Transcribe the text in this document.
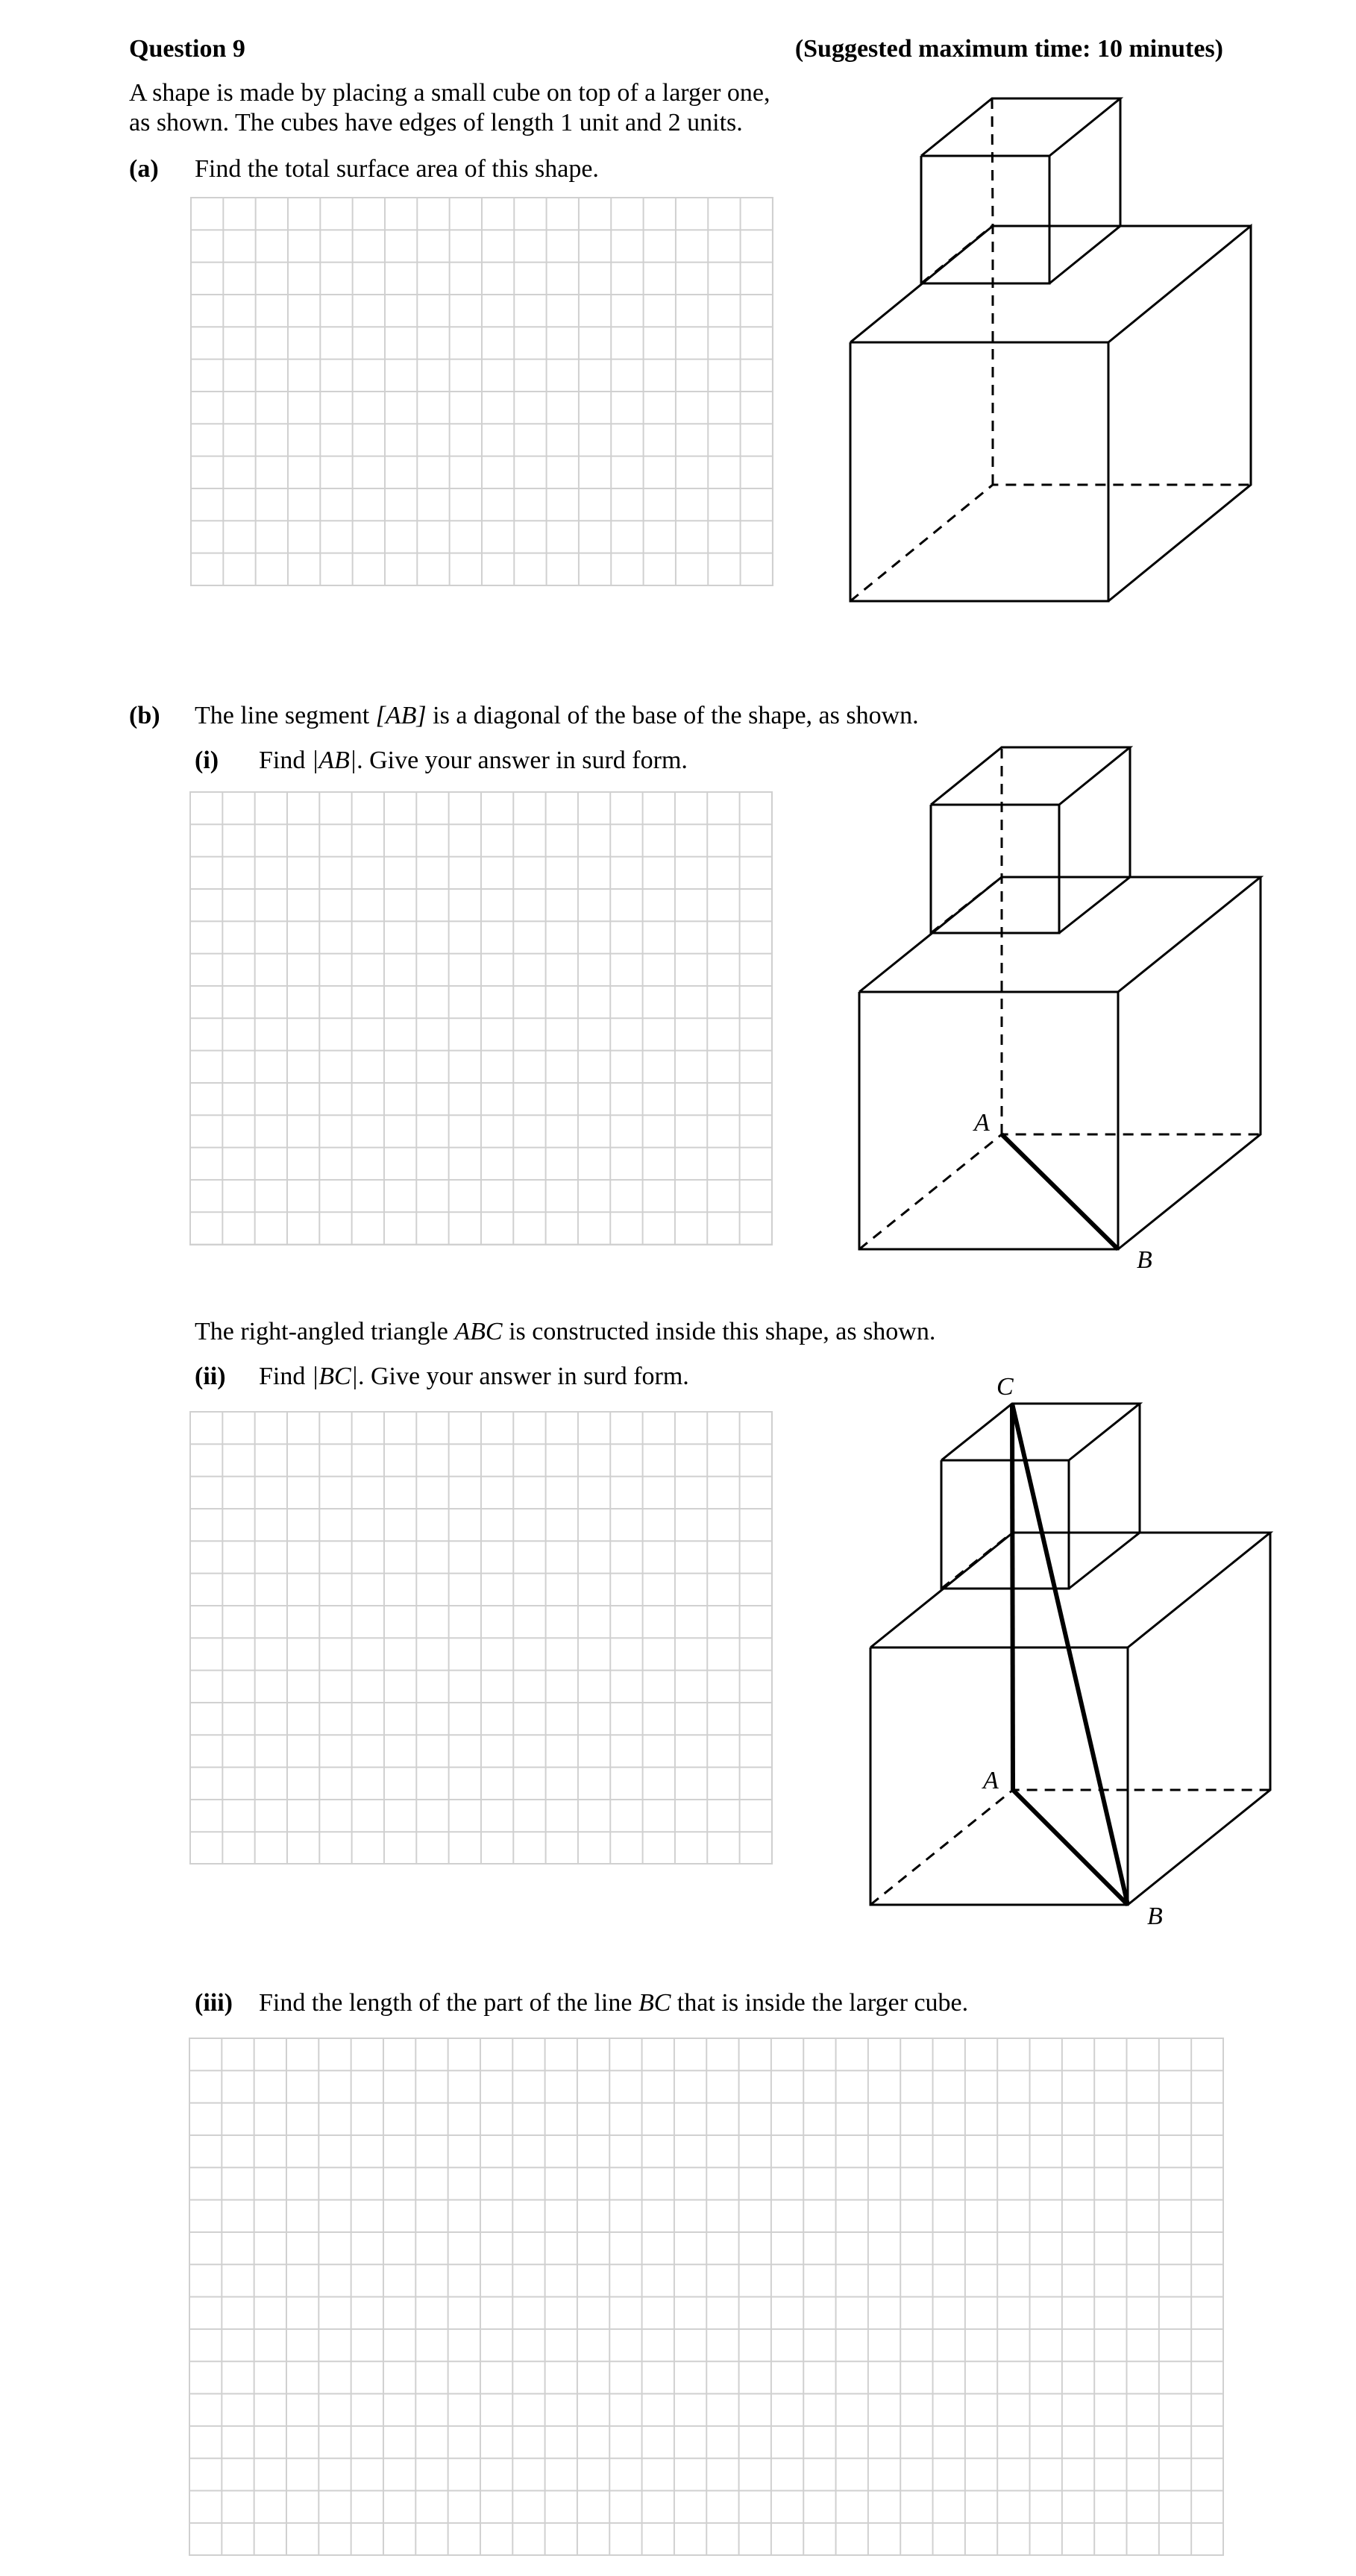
Question 9	(Suggested maximum time: 10 minutes)
A shape is made by placing a small cube on top of a larger one,
as shown. The cubes have edges of length 1 unit and 2 units.
(a) Find the total surface area of this shape.
(b) The line segment [AB] is a diagonal of the base of the shape, as shown.
(i) Find |AB|. Give your answer in surd form.
A
B
The right-angled triangle ABC is constructed inside this shape, as shown.
(ii) Find |BC|. Give your answer in surd form.	C
A
B
(iii) Find the length of the part of the line BC that is inside the larger cube.
